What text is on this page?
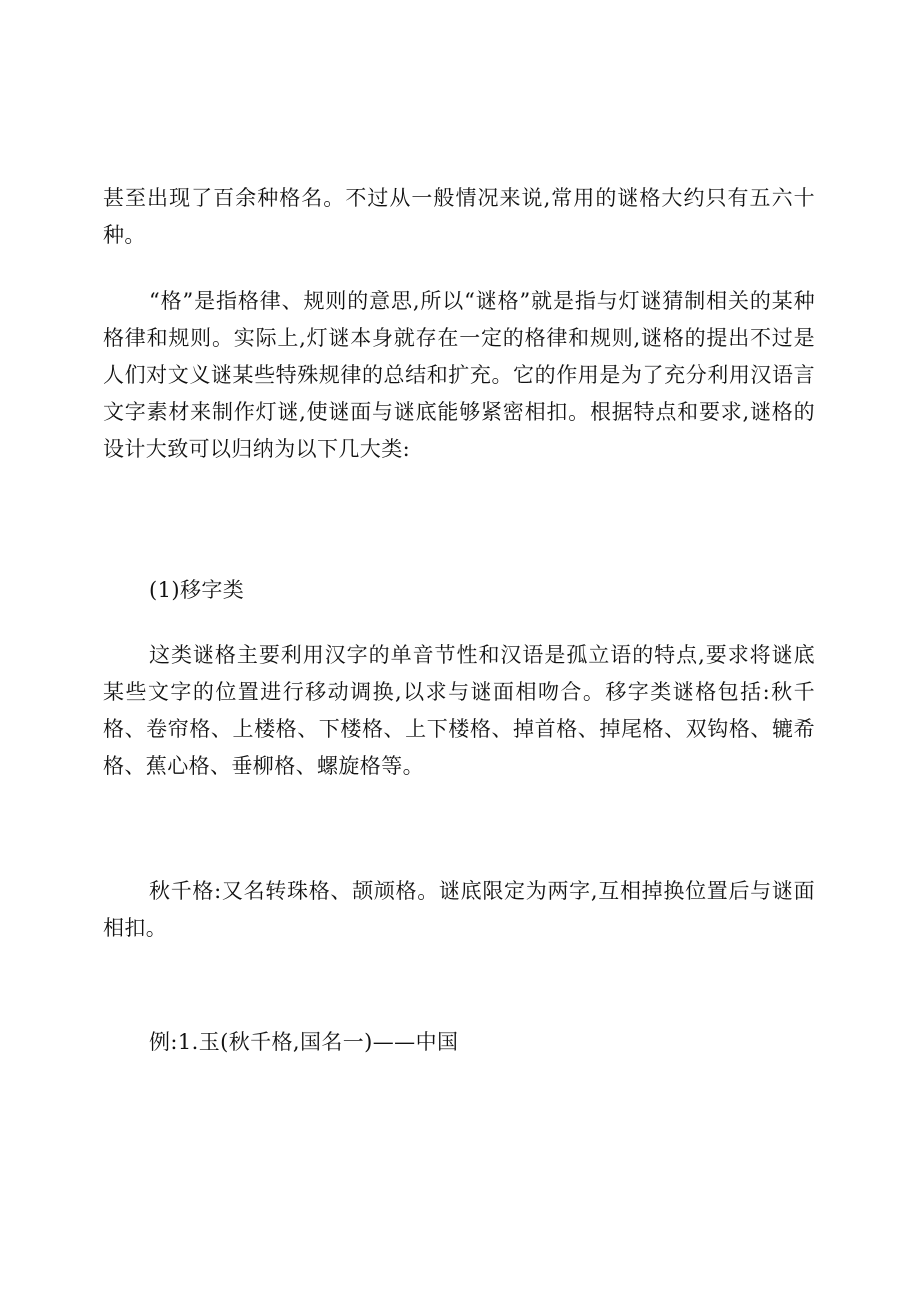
甚至出现了百余种格名。不过从一般情况来说,常用的谜格大约只有五六十种。

“格”是指格律、规则的意思,所以“谜格”就是指与灯谜猜制相关的某种格律和规则。实际上,灯谜本身就存在一定的格律和规则,谜格的提出不过是人们对文义谜某些特殊规律的总结和扩充。它的作用是为了充分利用汉语言文字素材来制作灯谜,使谜面与谜底能够紧密相扣。根据特点和要求,谜格的设计大致可以归纳为以下几大类:

(1)移字类

这类谜格主要利用汉字的单音节性和汉语是孤立语的特点,要求将谜底某些文字的位置进行移动调换,以求与谜面相吻合。移字类谜格包括:秋千格、卷帘格、上楼格、下楼格、上下楼格、掉首格、掉尾格、双钩格、辘希格、蕉心格、垂柳格、螺旋格等。

秋千格:又名转珠格、颉颃格。谜底限定为两字,互相掉换位置后与谜面相扣。

例:1.玉(秋千格,国名一)——中国
